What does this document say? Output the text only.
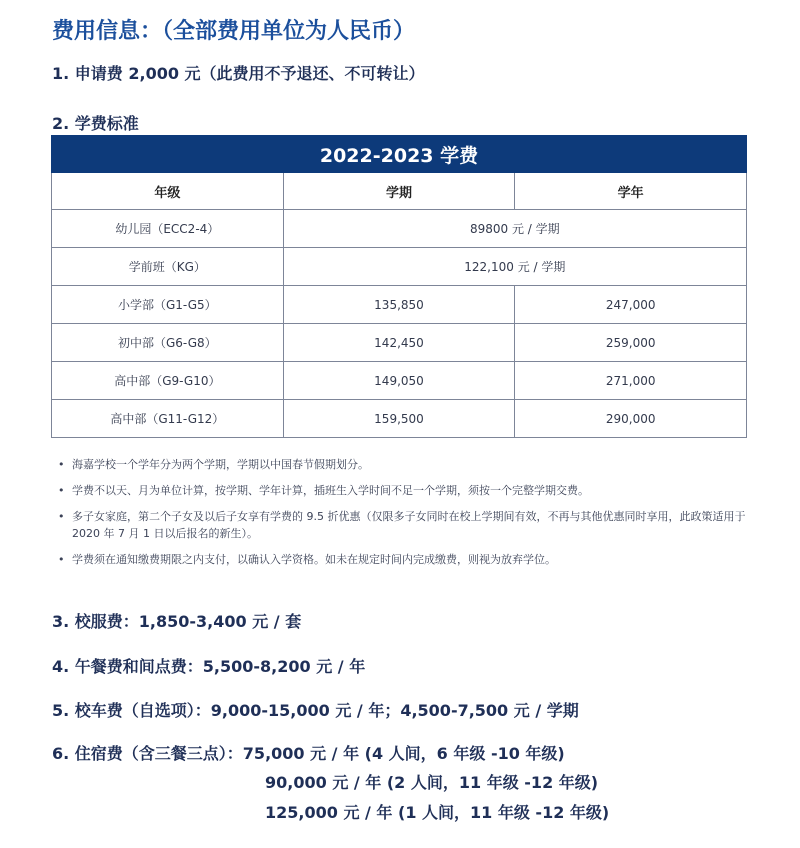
费用信息：（全部费用单位为人民币）
1. 申请费 2,000 元（此费用不予退还、不可转让）
2. 学费标准
2022-2023 学费		
年级	学期	学年
幼儿园（ECC2-4）	89800 元 / 学期	
学前班（KG）	122,100 元 / 学期	
小学部（G1-G5）	135,850	247,000
初中部（G6-G8）	142,450	259,000
高中部（G9-G10）	149,050	271,000
高中部（G11-G12）	159,500	290,000
• 海嘉学校一个学年分为两个学期，学期以中国春节假期划分。
• 学费不以天、月为单位计算，按学期、学年计算，插班生入学时间不足一个学期，须按一个完整学期交费。
• 多子女家庭，第二个子女及以后子女享有学费的 9.5 折优惠（仅限多子女同时在校上学期间有效，不再与其他优惠同时享用，此政策适用于 2020 年 7 月 1 日以后报名的新生）。
• 学费须在通知缴费期限之内支付，以确认入学资格。如未在规定时间内完成缴费，则视为放弃学位。
3. 校服费：1,850-3,400 元 / 套
4. 午餐费和间点费：5,500-8,200 元 / 年
5. 校车费（自选项）：9,000-15,000 元 / 年；4,500-7,500 元 / 学期
6. 住宿费（含三餐三点）：75,000 元 / 年 (4 人间，6 年级 -10 年级)
90,000 元 / 年 (2 人间，11 年级 -12 年级)
125,000 元 / 年 (1 人间，11 年级 -12 年级)
